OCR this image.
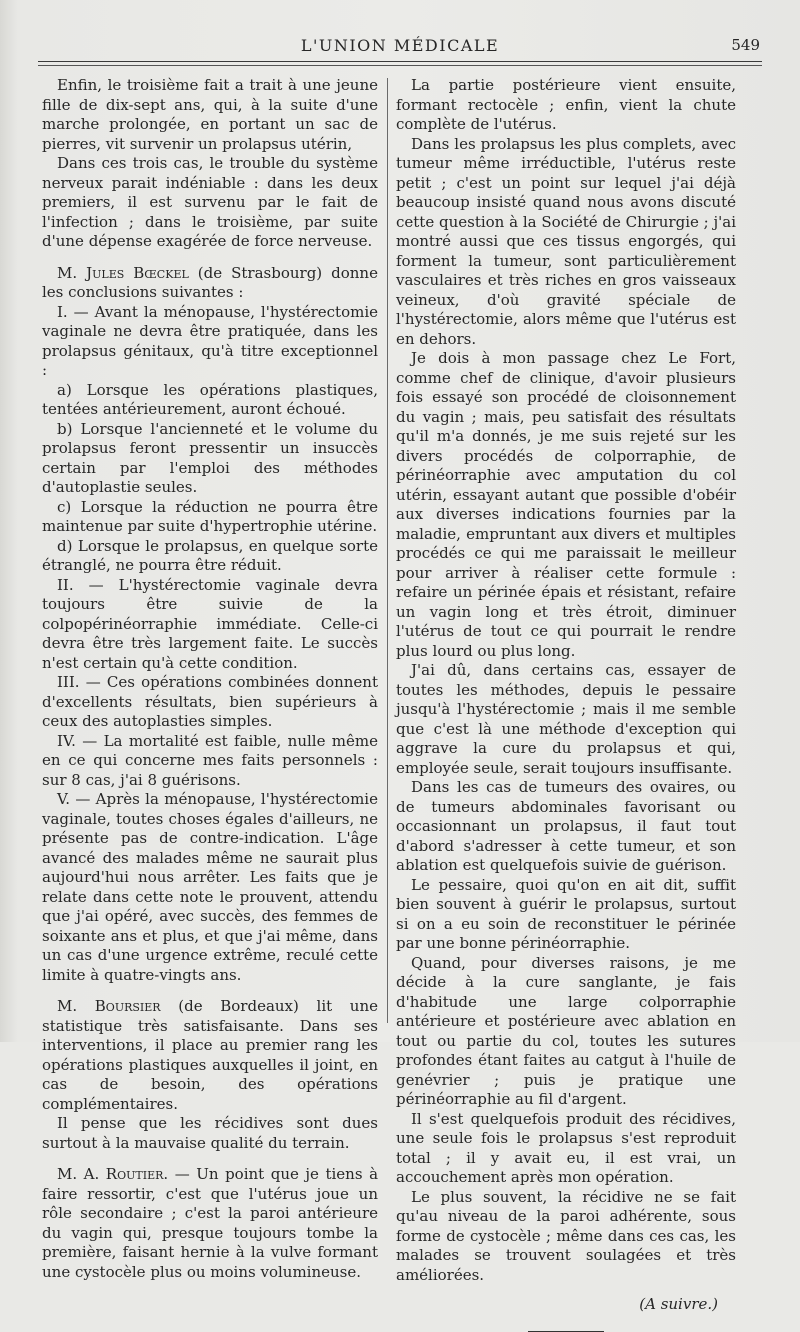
L'UNION MÉDICALE	549

Enfin, le troisième fait a trait à une jeune fille de dix-sept ans, qui, à la suite d'une marche prolongée, en portant un sac de pierres, vit survenir un prolapsus utérin,

Dans ces trois cas, le trouble du système nerveux parait indéniable : dans les deux premiers, il est survenu par le fait de l'infection ; dans le troisième, par suite d'une dépense exagérée de force nerveuse.

M. Jules Bœckel (de Strasbourg) donne les conclusions suivantes :

I. — Avant la ménopause, l'hystérectomie vaginale ne devra être pratiquée, dans les prolapsus génitaux, qu'à titre exceptionnel :

a) Lorsque les opérations plastiques, tentées antérieurement, auront échoué.

b) Lorsque l'ancienneté et le volume du prolapsus feront pressentir un insuccès certain par l'emploi des méthodes d'autoplastie seules.

c) Lorsque la réduction ne pourra être maintenue par suite d'hypertrophie utérine.

d) Lorsque le prolapsus, en quelque sorte étranglé, ne pourra être réduit.

II. — L'hystérectomie vaginale devra toujours être suivie de la colpopérinéorraphie immédiate. Celle-ci devra être très largement faite. Le succès n'est certain qu'à cette condition.

III. — Ces opérations combinées donnent d'excellents résultats, bien supérieurs à ceux des autoplasties simples.

IV. — La mortalité est faible, nulle même en ce qui concerne mes faits personnels : sur 8 cas, j'ai 8 guérisons.

V. — Après la ménopause, l'hystérectomie vaginale, toutes choses égales d'ailleurs, ne présente pas de contre-indication. L'âge avancé des malades même ne saurait plus aujourd'hui nous arrêter. Les faits que je relate dans cette note le prouvent, attendu que j'ai opéré, avec succès, des femmes de soixante ans et plus, et que j'ai même, dans un cas d'une urgence extrême, reculé cette limite à quatre-vingts ans.

M. Boursier (de Bordeaux) lit une statistique très satisfaisante. Dans ses interventions, il place au premier rang les opérations plastiques auxquelles il joint, en cas de besoin, des opérations complémentaires.

Il pense que les récidives sont dues surtout à la mauvaise qualité du terrain.

M. A. Routier. — Un point que je tiens à faire ressortir, c'est que l'utérus joue un rôle secondaire ; c'est la paroi antérieure du vagin qui, presque toujours tombe la première, faisant hernie à la vulve formant une cystocèle plus ou moins volumineuse.

La partie postérieure vient ensuite, formant rectocèle ; enfin, vient la chute complète de l'utérus.

Dans les prolapsus les plus complets, avec tumeur même irréductible, l'utérus reste petit ; c'est un point sur lequel j'ai déjà beaucoup insisté quand nous avons discuté cette question à la Société de Chirurgie ; j'ai montré aussi que ces tissus engorgés, qui forment la tumeur, sont particulièrement vasculaires et très riches en gros vaisseaux veineux, d'où gravité spéciale de l'hystérectomie, alors même que l'utérus est en dehors.

Je dois à mon passage chez Le Fort, comme chef de clinique, d'avoir plusieurs fois essayé son procédé de cloisonnement du vagin ; mais, peu satisfait des résultats qu'il m'a donnés, je me suis rejeté sur les divers procédés de colporraphie, de périnéorraphie avec amputation du col utérin, essayant autant que possible d'obéir aux diverses indications fournies par la maladie, empruntant aux divers et multiples procédés ce qui me paraissait le meilleur pour arriver à réaliser cette formule : refaire un périnée épais et résistant, refaire un vagin long et très étroit, diminuer l'utérus de tout ce qui pourrait le rendre plus lourd ou plus long.

J'ai dû, dans certains cas, essayer de toutes les méthodes, depuis le pessaire jusqu'à l'hystérectomie ; mais il me semble que c'est là une méthode d'exception qui aggrave la cure du prolapsus et qui, employée seule, serait toujours insuffisante.

Dans les cas de tumeurs des ovaires, ou de tumeurs abdominales favorisant ou occasionnant un prolapsus, il faut tout d'abord s'adresser à cette tumeur, et son ablation est quelquefois suivie de guérison.

Le pessaire, quoi qu'on en ait dit, suffit bien souvent à guérir le prolapsus, surtout si on a eu soin de reconstituer le périnée par une bonne périnéorraphie.

Quand, pour diverses raisons, je me décide à la cure sanglante, je fais d'habitude une large colporraphie antérieure et postérieure avec ablation en tout ou partie du col, toutes les sutures profondes étant faites au catgut à l'huile de genévrier ; puis je pratique une périnéorraphie au fil d'argent.

Il s'est quelquefois produit des récidives, une seule fois le prolapsus s'est reproduit total ; il y avait eu, il est vrai, un accouchement après mon opération.

Le plus souvent, la récidive ne se fait qu'au niveau de la paroi adhérente, sous forme de cystocèle ; même dans ces cas, les malades se trouvent soulagées et très améliorées.

(A suivre.)
